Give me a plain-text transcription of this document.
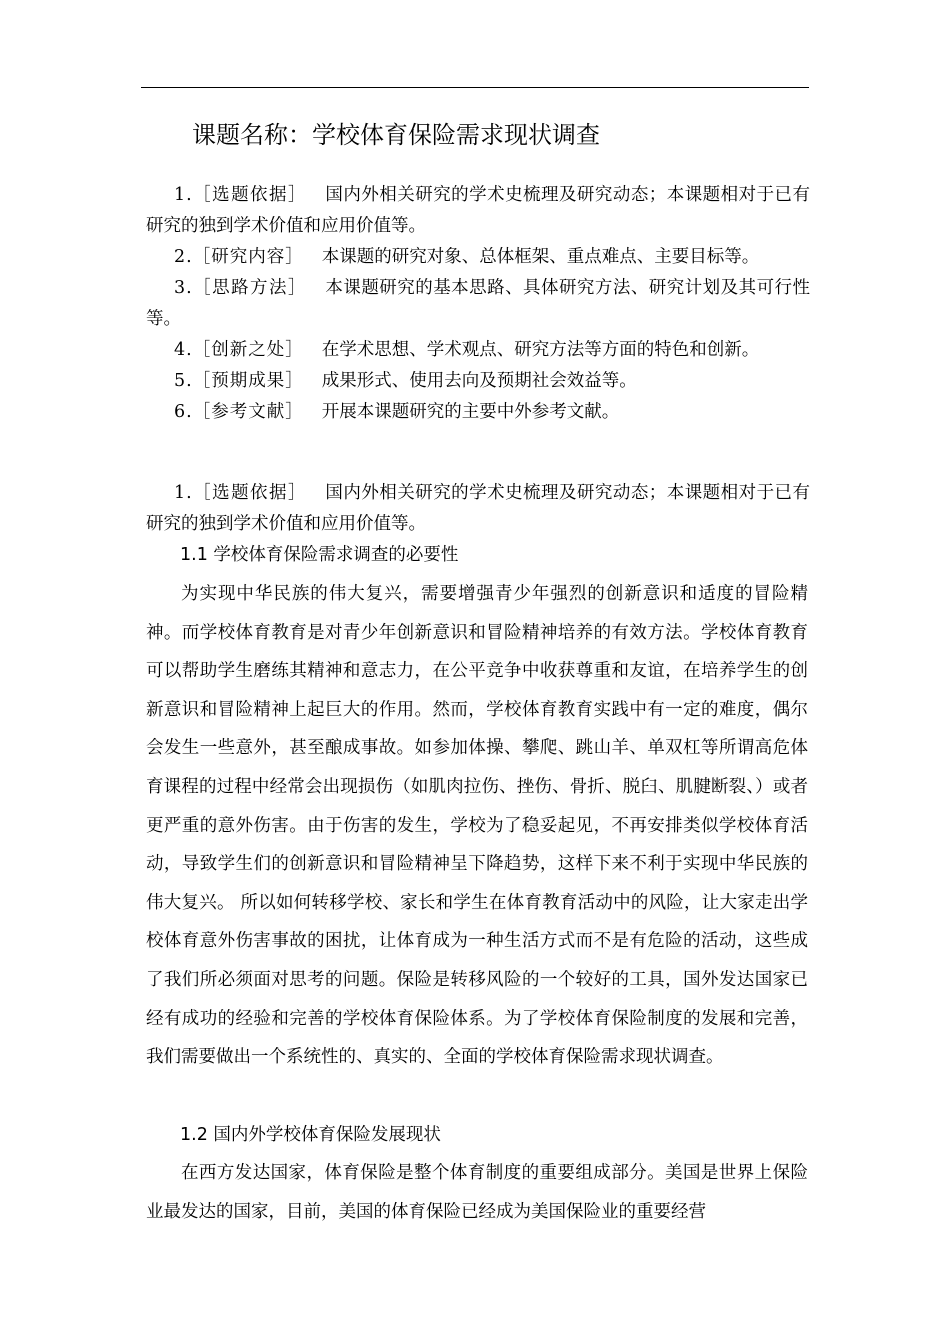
课题名称：学校体育保险需求现状调查

1.［选题依据］ 国内外相关研究的学术史梳理及研究动态；本课题相对于已有研究的独到学术价值和应用价值等。

2.［研究内容］ 本课题的研究对象、总体框架、重点难点、主要目标等。

3.［思路方法］ 本课题研究的基本思路、具体研究方法、研究计划及其可行性等。

4.［创新之处］ 在学术思想、学术观点、研究方法等方面的特色和创新。

5.［预期成果］ 成果形式、使用去向及预期社会效益等。

6.［参考文献］ 开展本课题研究的主要中外参考文献。

1.［选题依据］ 国内外相关研究的学术史梳理及研究动态；本课题相对于已有研究的独到学术价值和应用价值等。

1.1 学校体育保险需求调查的必要性

为实现中华民族的伟大复兴，需要增强青少年强烈的创新意识和适度的冒险精神。而学校体育教育是对青少年创新意识和冒险精神培养的有效方法。学校体育教育可以帮助学生磨练其精神和意志力，在公平竞争中收获尊重和友谊，在培养学生的创新意识和冒险精神上起巨大的作用。然而，学校体育教育实践中有一定的难度，偶尔会发生一些意外，甚至酿成事故。如参加体操、攀爬、跳山羊、单双杠等所谓高危体育课程的过程中经常会出现损伤（如肌肉拉伤、挫伤、骨折、脱臼、肌腱断裂、）或者更严重的意外伤害。由于伤害的发生，学校为了稳妥起见，不再安排类似学校体育活动，导致学生们的创新意识和冒险精神呈下降趋势，这样下来不利于实现中华民族的伟大复兴。 所以如何转移学校、家长和学生在体育教育活动中的风险，让大家走出学校体育意外伤害事故的困扰，让体育成为一种生活方式而不是有危险的活动，这些成了我们所必须面对思考的问题。保险是转移风险的一个较好的工具，国外发达国家已经有成功的经验和完善的学校体育保险体系。为了学校体育保险制度的发展和完善，我们需要做出一个系统性的、真实的、全面的学校体育保险需求现状调查。

1.2 国内外学校体育保险发展现状

在西方发达国家，体育保险是整个体育制度的重要组成部分。美国是世界上保险业最发达的国家，目前，美国的体育保险已经成为美国保险业的重要经营
